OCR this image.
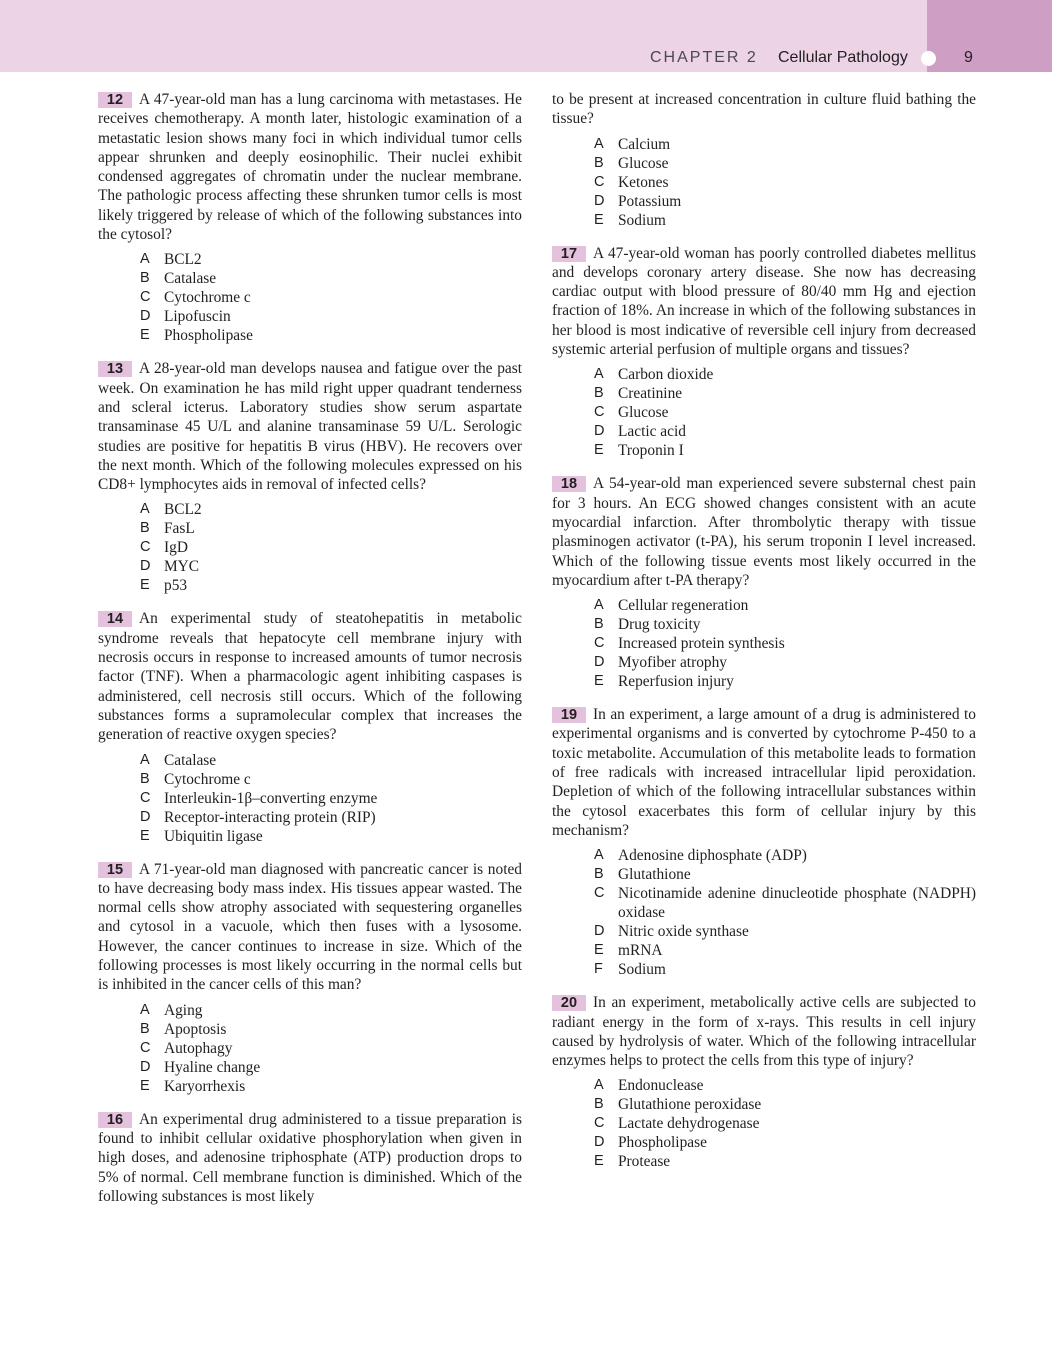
CHAPTER 2 Cellular Pathology	9

12 A 47-year-old man has a lung carcinoma with metastases. He receives chemotherapy. A month later, histologic examination of a metastatic lesion shows many foci in which individual tumor cells appear shrunken and deeply eosinophilic. Their nuclei exhibit condensed aggregates of chromatin under the nuclear membrane. The pathologic process affecting these shrunken tumor cells is most likely triggered by release of which of the following substances into the cytosol?

A BCL2
B Catalase
C Cytochrome c
D Lipofuscin
E Phospholipase

13 A 28-year-old man develops nausea and fatigue over the past week. On examination he has mild right upper quadrant tenderness and scleral icterus. Laboratory studies show serum aspartate transaminase 45 U/L and alanine transaminase 59 U/L. Serologic studies are positive for hepatitis B virus (HBV). He recovers over the next month. Which of the following molecules expressed on his CD8+ lymphocytes aids in removal of infected cells?

A BCL2
B FasL
C IgD
D MYC
E p53

14 An experimental study of steatohepatitis in metabolic syndrome reveals that hepatocyte cell membrane injury with necrosis occurs in response to increased amounts of tumor necrosis factor (TNF). When a pharmacologic agent inhibiting caspases is administered, cell necrosis still occurs. Which of the following substances forms a supramolecular complex that increases the generation of reactive oxygen species?

A Catalase
B Cytochrome c
C Interleukin-1β–converting enzyme
D Receptor-interacting protein (RIP)
E Ubiquitin ligase

15 A 71-year-old man diagnosed with pancreatic cancer is noted to have decreasing body mass index. His tissues appear wasted. The normal cells show atrophy associated with sequestering organelles and cytosol in a vacuole, which then fuses with a lysosome. However, the cancer continues to increase in size. Which of the following processes is most likely occurring in the normal cells but is inhibited in the cancer cells of this man?

A Aging
B Apoptosis
C Autophagy
D Hyaline change
E Karyorrhexis

16 An experimental drug administered to a tissue preparation is found to inhibit cellular oxidative phosphorylation when given in high doses, and adenosine triphosphate (ATP) production drops to 5% of normal. Cell membrane function is diminished. Which of the following substances is most likely

to be present at increased concentration in culture fluid bathing the tissue?

A Calcium
B Glucose
C Ketones
D Potassium
E Sodium

17 A 47-year-old woman has poorly controlled diabetes mellitus and develops coronary artery disease. She now has decreasing cardiac output with blood pressure of 80/40 mm Hg and ejection fraction of 18%. An increase in which of the following substances in her blood is most indicative of reversible cell injury from decreased systemic arterial perfusion of multiple organs and tissues?

A Carbon dioxide
B Creatinine
C Glucose
D Lactic acid
E Troponin I

18 A 54-year-old man experienced severe substernal chest pain for 3 hours. An ECG showed changes consistent with an acute myocardial infarction. After thrombolytic therapy with tissue plasminogen activator (t-PA), his serum troponin I level increased. Which of the following tissue events most likely occurred in the myocardium after t-PA therapy?

A Cellular regeneration
B Drug toxicity
C Increased protein synthesis
D Myofiber atrophy
E Reperfusion injury

19 In an experiment, a large amount of a drug is administered to experimental organisms and is converted by cytochrome P-450 to a toxic metabolite. Accumulation of this metabolite leads to formation of free radicals with increased intracellular lipid peroxidation. Depletion of which of the following intracellular substances within the cytosol exacerbates this form of cellular injury by this mechanism?

A Adenosine diphosphate (ADP)
B Glutathione
C Nicotinamide adenine dinucleotide phosphate (NADPH) oxidase
D Nitric oxide synthase
E mRNA
F Sodium

20 In an experiment, metabolically active cells are subjected to radiant energy in the form of x-rays. This results in cell injury caused by hydrolysis of water. Which of the following intracellular enzymes helps to protect the cells from this type of injury?

A Endonuclease
B Glutathione peroxidase
C Lactate dehydrogenase
D Phospholipase
E Protease
